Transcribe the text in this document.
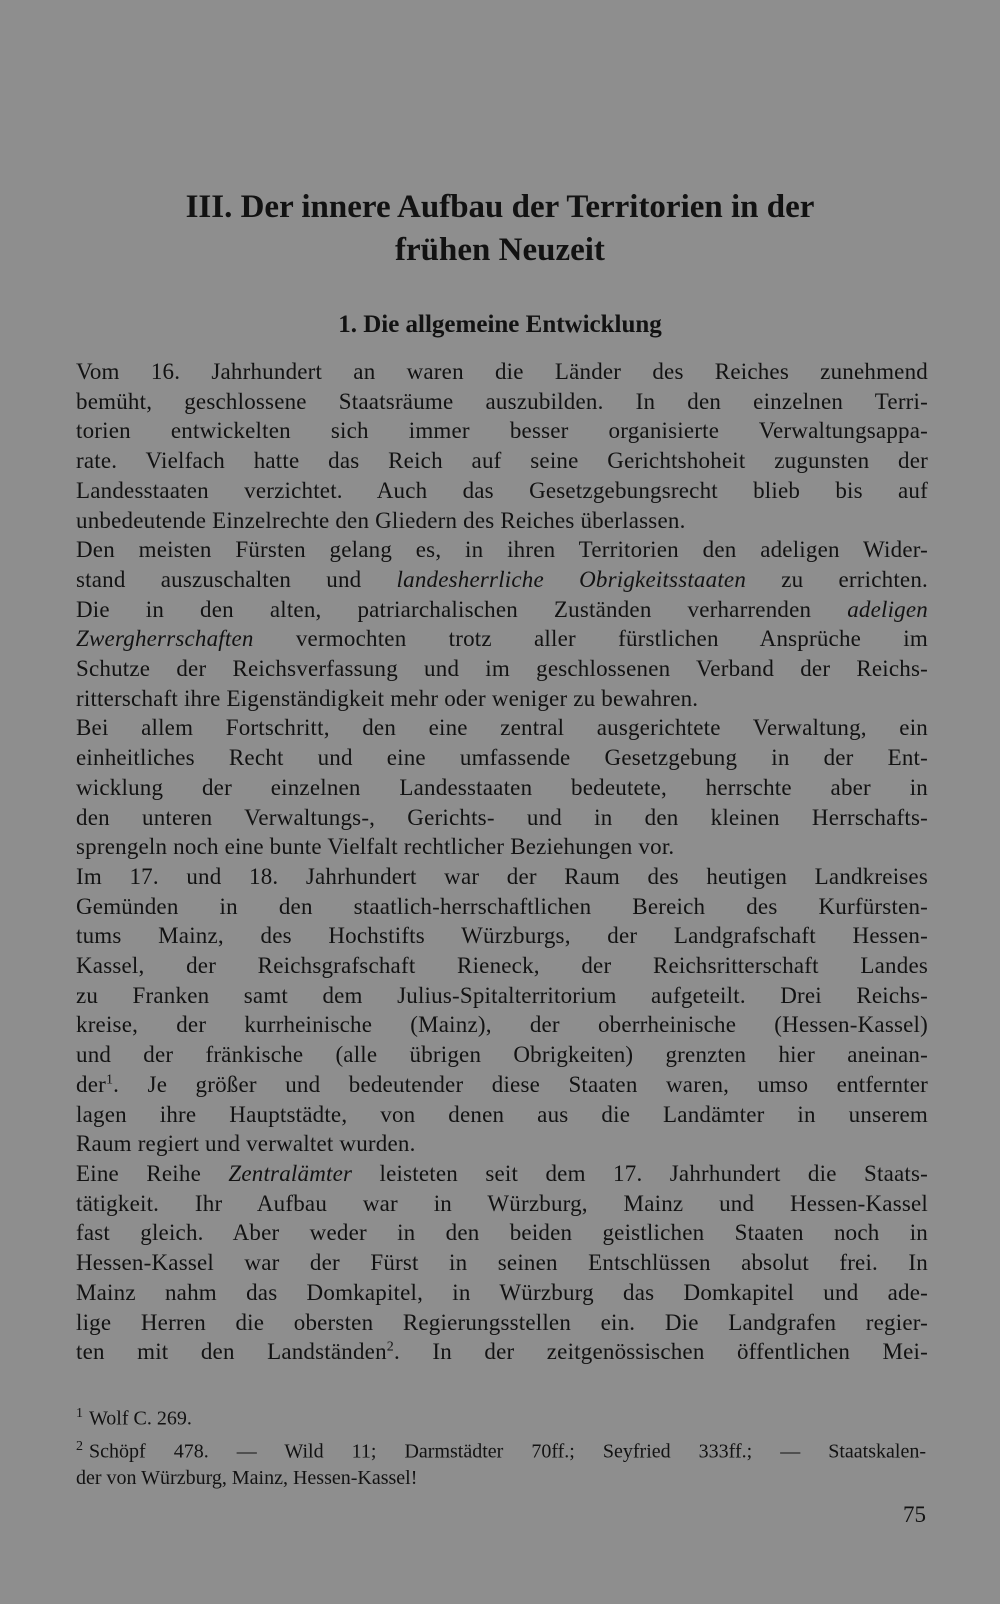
III. Der innere Aufbau der Territorien in der
frühen Neuzeit
1. Die allgemeine Entwicklung

Vom 16. Jahrhundert an waren die Länder des Reiches zunehmend
bemüht, geschlossene Staatsräume auszubilden. In den einzelnen Terri-
torien entwickelten sich immer besser organisierte Verwaltungsappa-
rate. Vielfach hatte das Reich auf seine Gerichtshoheit zugunsten der
Landesstaaten verzichtet. Auch das Gesetzgebungsrecht blieb bis auf
unbedeutende Einzelrechte den Gliedern des Reiches überlassen.

Den meisten Fürsten gelang es, in ihren Territorien den adeligen Wider-
stand auszuschalten und landesherrliche Obrigkeitsstaaten zu errichten.
Die in den alten, patriarchalischen Zuständen verharrenden adeligen
Zwergherrschaften vermochten trotz aller fürstlichen Ansprüche im
Schutze der Reichsverfassung und im geschlossenen Verband der Reichs-
ritterschaft ihre Eigenständigkeit mehr oder weniger zu bewahren.

Bei allem Fortschritt, den eine zentral ausgerichtete Verwaltung, ein
einheitliches Recht und eine umfassende Gesetzgebung in der Ent-
wicklung der einzelnen Landesstaaten bedeutete, herrschte aber in
den unteren Verwaltungs-, Gerichts- und in den kleinen Herrschafts-
sprengeln noch eine bunte Vielfalt rechtlicher Beziehungen vor.

Im 17. und 18. Jahrhundert war der Raum des heutigen Landkreises
Gemünden in den staatlich-herrschaftlichen Bereich des Kurfürsten-
tums Mainz, des Hochstifts Würzburgs, der Landgrafschaft Hessen-
Kassel, der Reichsgrafschaft Rieneck, der Reichsritterschaft Landes
zu Franken samt dem Julius-Spitalterritorium aufgeteilt. Drei Reichs-
kreise, der kurrheinische (Mainz), der oberrheinische (Hessen-Kassel)
und der fränkische (alle übrigen Obrigkeiten) grenzten hier aneinan-
der$^1$. Je größer und bedeutender diese Staaten waren, umso entfernter
lagen ihre Hauptstädte, von denen aus die Landämter in unserem
Raum regiert und verwaltet wurden.

Eine Reihe Zentralämter leisteten seit dem 17. Jahrhundert die Staats-
tätigkeit. Ihr Aufbau war in Würzburg, Mainz und Hessen-Kassel
fast gleich. Aber weder in den beiden geistlichen Staaten noch in
Hessen-Kassel war der Fürst in seinen Entschlüssen absolut frei. In
Mainz nahm das Domkapitel, in Würzburg das Domkapitel und ade-
lige Herren die obersten Regierungsstellen ein. Die Landgrafen regier-
ten mit den Landständen$^2$. In der zeitgenössischen öffentlichen Mei-

$^1$ Wolf C. 269.

$^2$ Schöpf 478. — Wild 11; Darmstädter 70ff.; Seyfried 333ff.; — Staatskalen-
der von Würzburg, Mainz, Hessen-Kassel!

75
